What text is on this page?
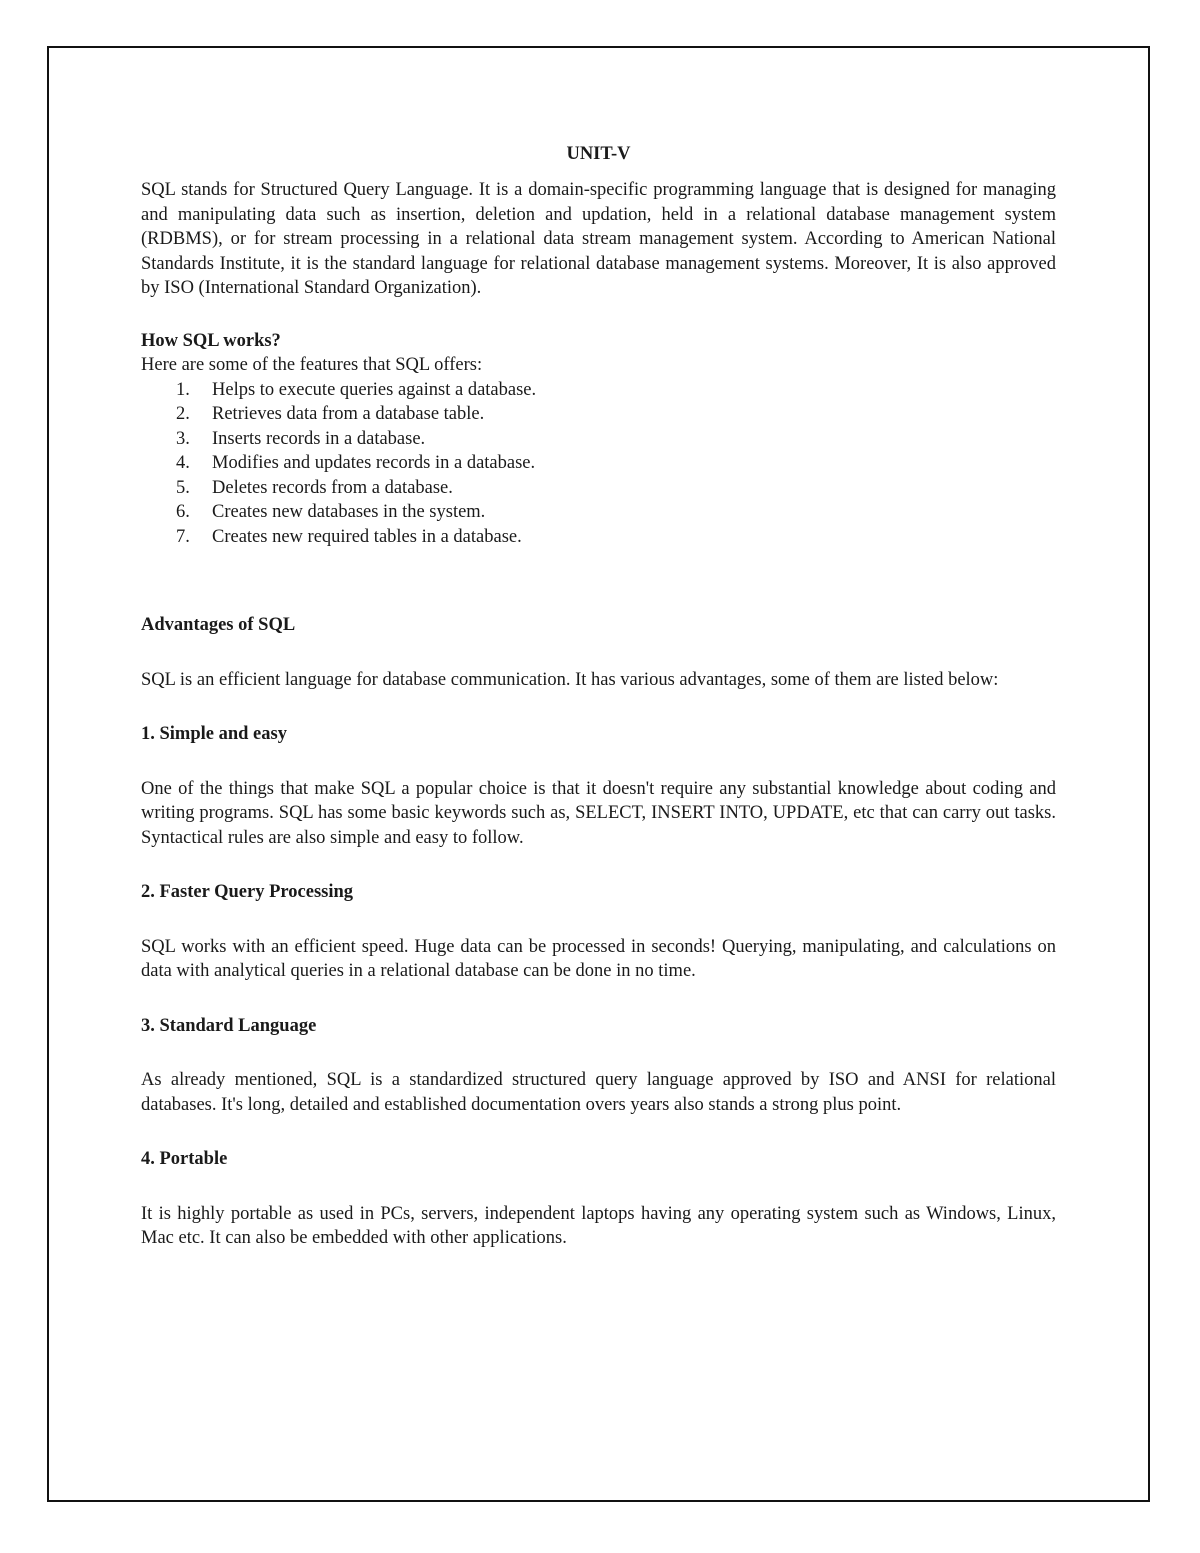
UNIT-V

SQL stands for Structured Query Language. It is a domain-specific programming language that is designed for managing and manipulating data such as insertion, deletion and updation, held in a relational database management system (RDBMS), or for stream processing in a relational data stream management system. According to American National Standards Institute, it is the standard language for relational database management systems. Moreover, It is also approved by ISO (International Standard Organization).

How SQL works?

Here are some of the features that SQL offers:

1.	Helps to execute queries against a database.
2.	Retrieves data from a database table.
3.	Inserts records in a database.
4.	Modifies and updates records in a database.
5.	Deletes records from a database.
6.	Creates new databases in the system.
7.	Creates new required tables in a database.
Advantages of SQL

SQL is an efficient language for database communication. It has various advantages, some of them are listed below:

1. Simple and easy

One of the things that make SQL a popular choice is that it doesn't require any substantial knowledge about coding and writing programs. SQL has some basic keywords such as, SELECT, INSERT INTO, UPDATE, etc that can carry out tasks. Syntactical rules are also simple and easy to follow.

2. Faster Query Processing

SQL works with an efficient speed. Huge data can be processed in seconds! Querying, manipulating, and calculations on data with analytical queries in a relational database can be done in no time.

3. Standard Language

As already mentioned, SQL is a standardized structured query language approved by ISO and ANSI for relational databases. It's long, detailed and established documentation overs years also stands a strong plus point.

4. Portable

It is highly portable as used in PCs, servers, independent laptops having any operating system such as Windows, Linux, Mac etc. It can also be embedded with other applications.
